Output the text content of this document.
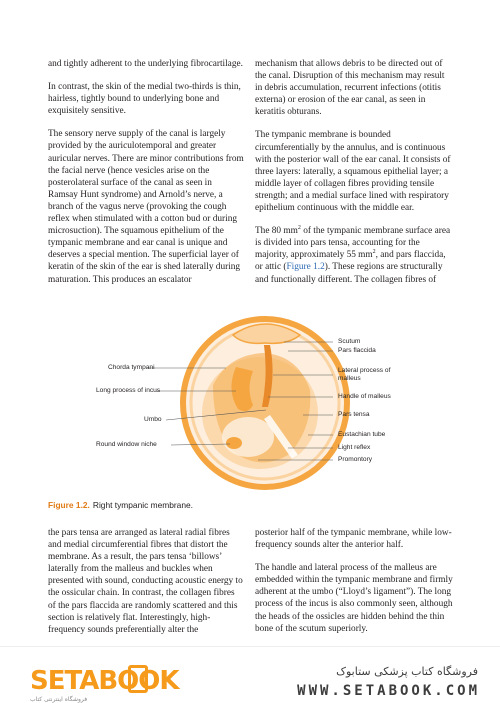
and tightly adherent to the underlying fibrocartilage.

In contrast, the skin of the medial two-thirds is thin, hairless, tightly bound to underlying bone and exquisitely sensitive.

The sensory nerve supply of the canal is largely provided by the auriculotemporal and greater auricular nerves. There are minor contributions from the facial nerve (hence vesicles arise on the posterolateral surface of the canal as seen in Ramsay Hunt syndrome) and Arnold’s nerve, a branch of the vagus nerve (provoking the cough reflex when stimulated with a cotton bud or during microsuction). The squamous epithelium of the tympanic membrane and ear canal is unique and deserves a special mention. The superficial layer of keratin of the skin of the ear is shed laterally during maturation. This produces an escalator

mechanism that allows debris to be directed out of the canal. Disruption of this mechanism may result in debris accumulation, recurrent infections (otitis externa) or erosion of the ear canal, as seen in keratitis obturans.

The tympanic membrane is bounded circumferentially by the annulus, and is continuous with the posterior wall of the ear canal. It consists of three layers: laterally, a squamous epithelial layer; a middle layer of collagen fibres providing tensile strength; and a medial surface lined with respiratory epithelium continuous with the middle ear.

The 80 $mm^2$ of the tympanic membrane surface area is divided into pars tensa, accounting for the majority, approximately 55 $mm^2$, and pars flaccida, or attic (Figure 1.2). These regions are structurally and functionally different. The collagen fibres of

Chorda tympani
Long process of incus
Umbo
Round window niche
Scutum
Pars flaccida
Lateral process of malleus
Handle of malleus
Pars tensa
Eustachian tube
Light reflex
Promontory
Figure 1.2. Right tympanic membrane.

the pars tensa are arranged as lateral radial fibres and medial circumferential fibres that distort the membrane. As a result, the pars tensa ‘billows’ laterally from the malleus and buckles when presented with sound, conducting acoustic energy to the ossicular chain. In contrast, the collagen fibres of the pars flaccida are randomly scattered and this section is relatively flat. Interestingly, high-frequency sounds preferentially alter the

posterior half of the tympanic membrane, while low-frequency sounds alter the anterior half.

The handle and lateral process of the malleus are embedded within the tympanic membrane and firmly adherent at the umbo (“Lloyd’s ligament”). The long process of the incus is also commonly seen, although the heads of the ossicles are hidden behind the thin bone of the scutum superiorly.

SETABOOK
فروشگاه اینترنتی کتاب
فروشگاه کتاب پزشکی ستابوک
WWW.SETABOOK.COM
